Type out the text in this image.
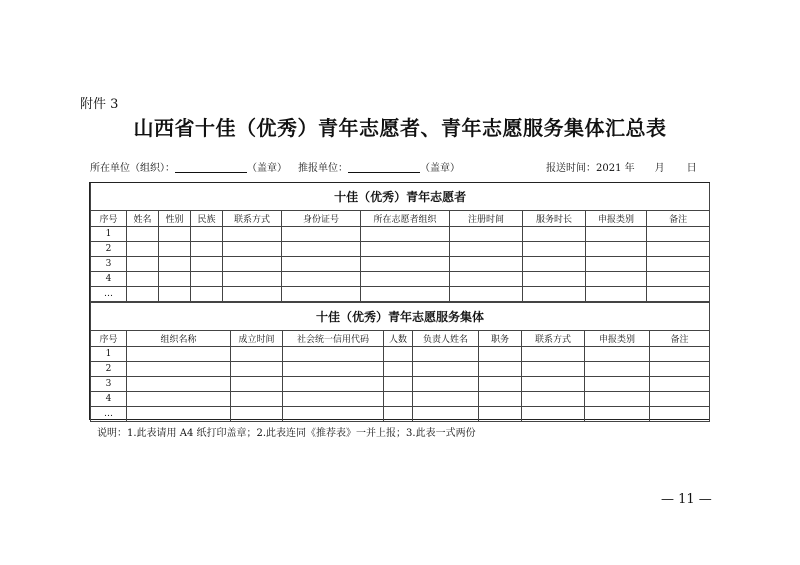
附件 3
山西省十佳（优秀）青年志愿者、青年志愿服务集体汇总表
所在单位（组织）：	（盖章） 推报单位：	（盖章）	报送时间：2021 年 月 日
十佳（优秀）青年志愿者										
序号	姓名	性别	民族	联系方式	身份证号	所在志愿者组织	注册时间	服务时长	申报类别	备注
1										
2										
3										
4										
…										
十佳（优秀）青年志愿服务集体									
序号	组织名称	成立时间	社会统一信用代码	人数	负责人姓名	职务	联系方式	申报类别	备注
1									
2									
3									
4									
…									
说明：1.此表请用 A4 纸打印盖章；2.此表连同《推荐表》一并上报；3.此表一式两份
— 11 —
